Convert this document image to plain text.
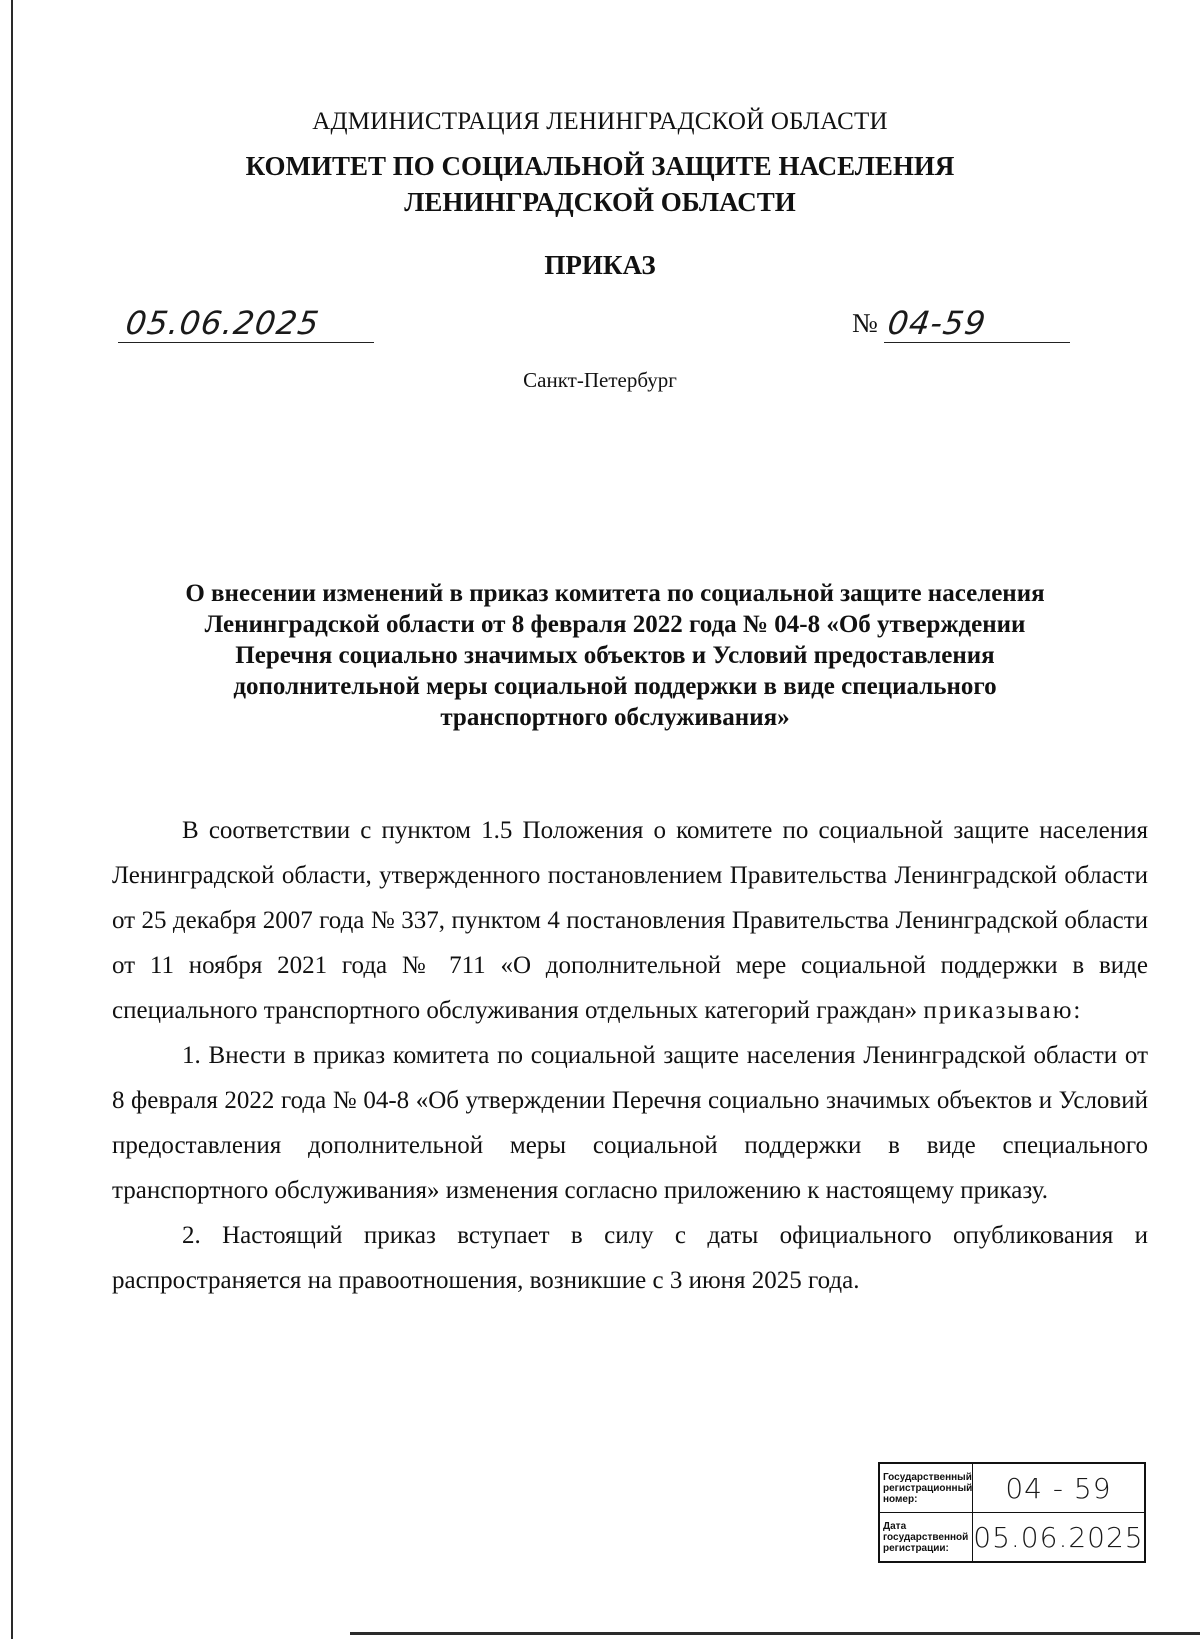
АДМИНИСТРАЦИЯ ЛЕНИНГРАДСКОЙ ОБЛАСТИ
КОМИТЕТ ПО СОЦИАЛЬНОЙ ЗАЩИТЕ НАСЕЛЕНИЯ
ЛЕНИНГРАДСКОЙ ОБЛАСТИ
ПРИКАЗ
05.06.2025	№ 04-59
Санкт-Петербург
О внесении изменений в приказ комитета по социальной защите населения
Ленинградской области от 8 февраля 2022 года № 04-8 «Об утверждении
Перечня социально значимых объектов и Условий предоставления
дополнительной меры социальной поддержки в виде специального
транспортного обслуживания»

В соответствии с пунктом 1.5 Положения о комитете по социальной защите населения Ленинградской области, утвержденного постановлением Правительства Ленинградской области от 25 декабря 2007 года № 337, пунктом 4 постановления Правительства Ленинградской области от 11 ноября 2021 года № 711 «О дополнительной мере социальной поддержки в виде специального транспортного обслуживания отдельных категорий граждан» приказываю:

1. Внести в приказ комитета по социальной защите населения Ленинградской области от 8 февраля 2022 года № 04-8 «Об утверждении Перечня социально значимых объектов и Условий предоставления дополнительной меры социальной поддержки в виде специального транспортного обслуживания» изменения согласно приложению к настоящему приказу.

2. Настоящий приказ вступает в силу с даты официального опубликования и распространяется на правоотношения, возникшие с 3 июня 2025 года.

Государственный регистрационный номер:	04 - 59
Дата государственной регистрации:	05.06.2025
